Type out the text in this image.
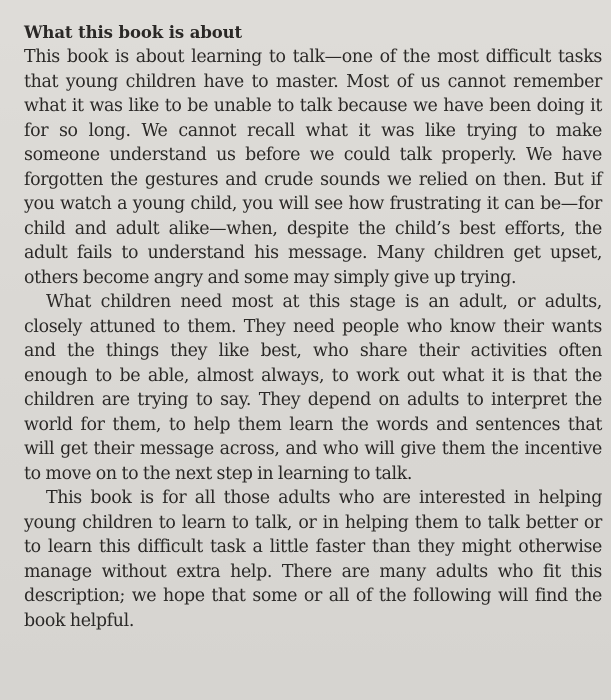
What this book is about

This book is about learning to talk—one of the most difficult tasks that young children have to master. Most of us cannot remember what it was like to be unable to talk because we have been doing it for so long. We cannot recall what it was like trying to make someone understand us before we could talk properly. We have forgotten the gestures and crude sounds we relied on then. But if you watch a young child, you will see how frustrating it can be—for child and adult alike—when, despite the child’s best efforts, the adult fails to understand his message. Many children get upset, others become angry and some may simply give up trying.

What children need most at this stage is an adult, or adults, closely attuned to them. They need people who know their wants and the things they like best, who share their activities often enough to be able, almost always, to work out what it is that the children are trying to say. They depend on adults to interpret the world for them, to help them learn the words and sentences that will get their message across, and who will give them the incentive to move on to the next step in learning to talk.

This book is for all those adults who are interested in helping young children to learn to talk, or in helping them to talk better or to learn this difficult task a little faster than they might otherwise manage without extra help. There are many adults who fit this description; we hope that some or all of the following will find the book helpful.
